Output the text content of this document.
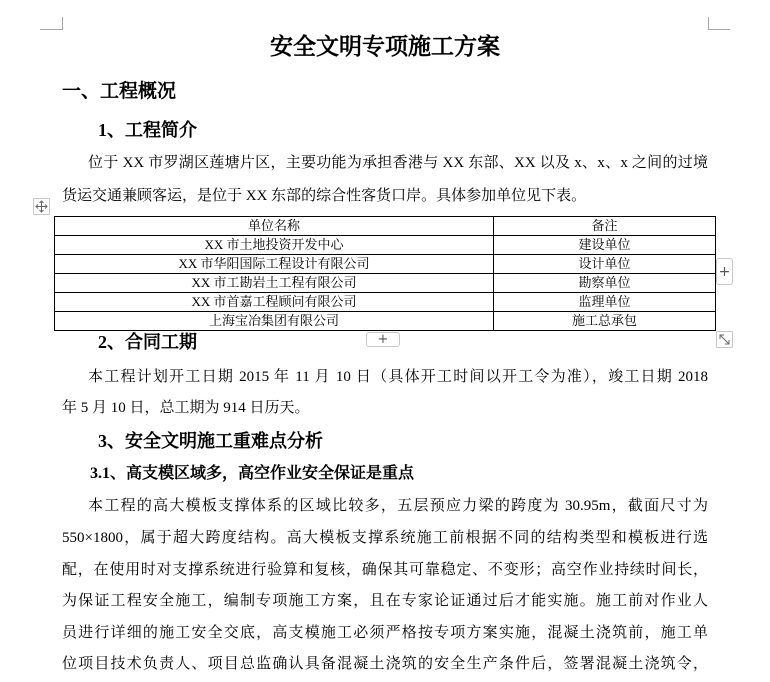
安全文明专项施工方案
一、工程概况
1、工程简介
位于 XX 市罗湖区莲塘片区，主要功能为承担香港与 XX 东部、XX 以及 x、x、x 之间的过境
货运交通兼顾客运，是位于 XX 东部的综合性客货口岸。具体参加单位见下表。
单位名称	备注
XX 市土地投资开发中心	建设单位
XX 市华阳国际工程设计有限公司	设计单位
XX 市工勘岩土工程有限公司	勘察单位
XX 市首嘉工程顾问有限公司	监理单位
上海宝冶集团有限公司	施工总承包
+
+
2、合同工期
本工程计划开工日期 2015 年 11 月 10 日（具体开工时间以开工令为准），竣工日期 2018
年 5 月 10 日，总工期为 914 日历天。
3、安全文明施工重难点分析
3.1、高支模区域多，高空作业安全保证是重点
本工程的高大模板支撑体系的区域比较多，五层预应力梁的跨度为 30.95m，截面尺寸为
550×1800，属于超大跨度结构。高大模板支撑系统施工前根据不同的结构类型和模板进行选
配，在使用时对支撑系统进行验算和复核，确保其可靠稳定、不变形；高空作业持续时间长，
为保证工程安全施工，编制专项施工方案，且在专家论证通过后才能实施。施工前对作业人
员进行详细的施工安全交底，高支模施工必须严格按专项方案实施，混凝土浇筑前，施工单
位项目技术负责人、项目总监确认具备混凝土浇筑的安全生产条件后，签署混凝土浇筑令，
